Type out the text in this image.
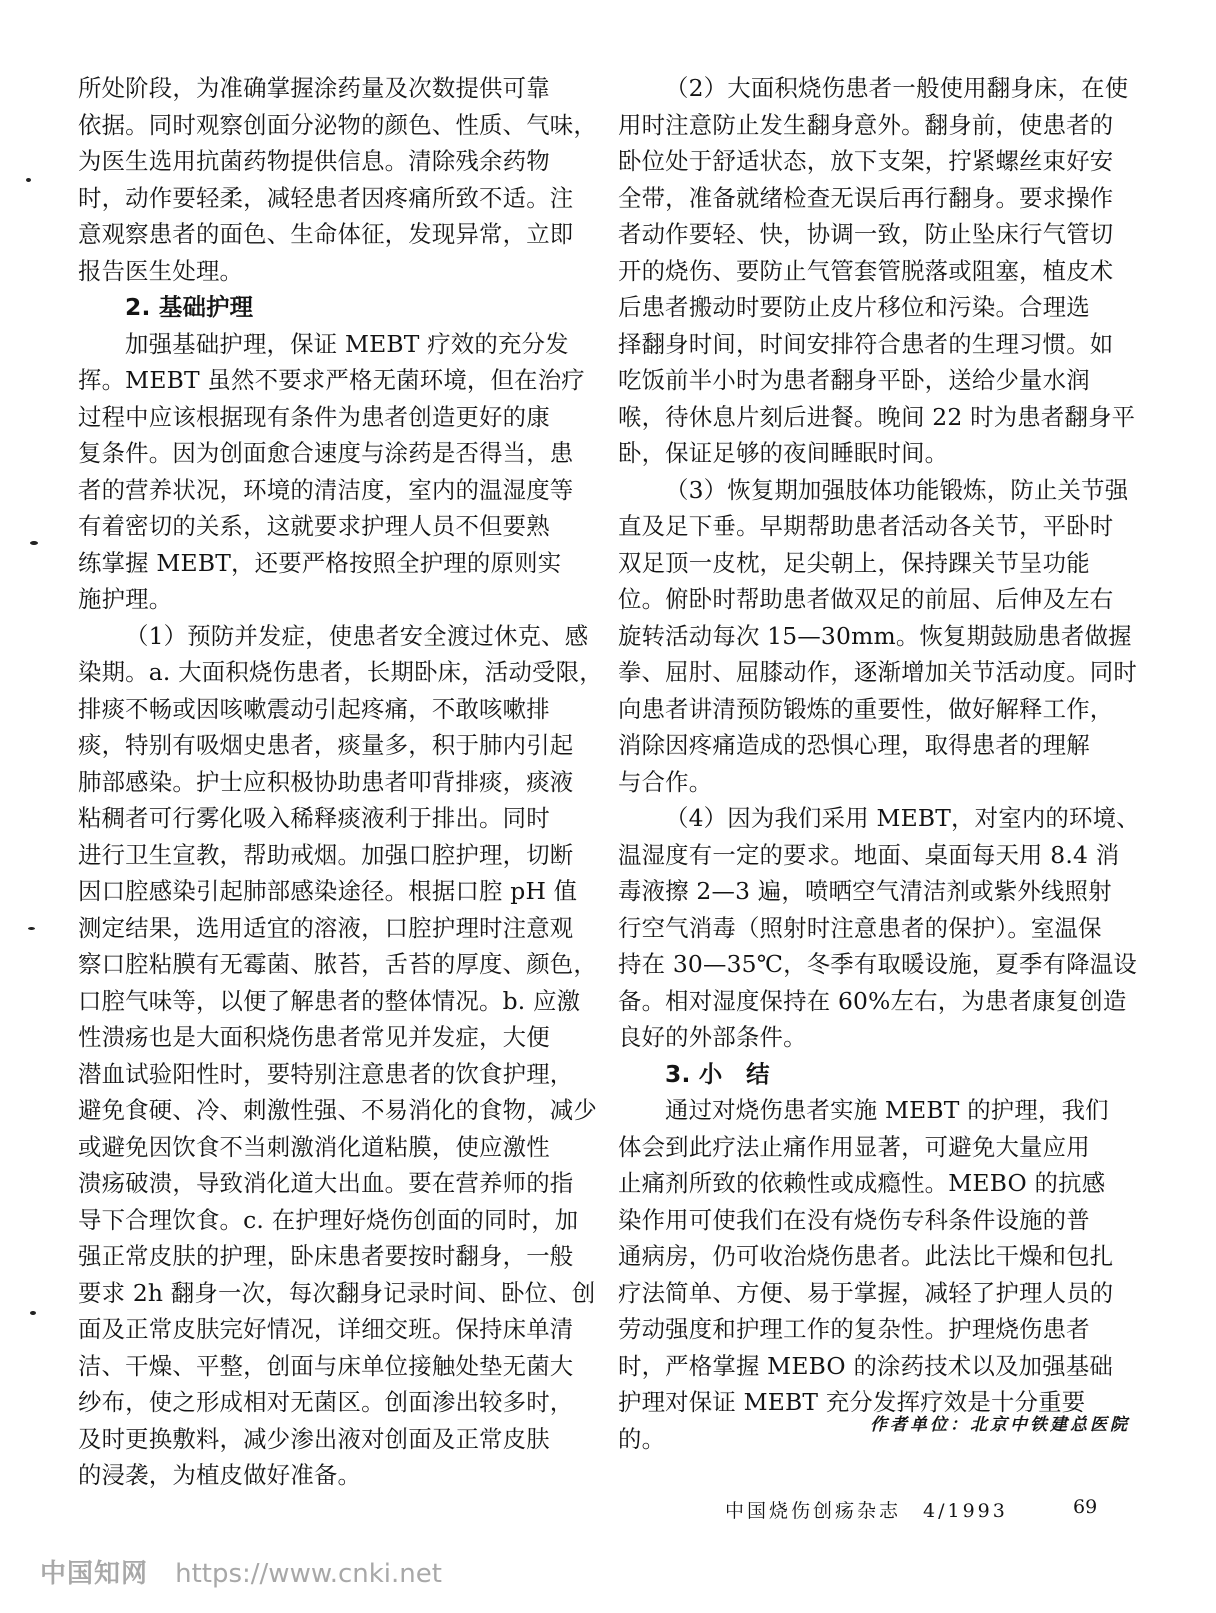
所处阶段，为准确掌握涂药量及次数提供可靠
依据。同时观察创面分泌物的颜色、性质、气味，
为医生选用抗菌药物提供信息。清除残余药物
时，动作要轻柔，减轻患者因疼痛所致不适。注
意观察患者的面色、生命体征，发现异常，立即
报告医生处理。
2. 基础护理
加强基础护理，保证 MEBT 疗效的充分发
挥。MEBT 虽然不要求严格无菌环境，但在治疗
过程中应该根据现有条件为患者创造更好的康
复条件。因为创面愈合速度与涂药是否得当，患
者的营养状况，环境的清洁度，室内的温湿度等
有着密切的关系，这就要求护理人员不但要熟
练掌握 MEBT，还要严格按照全护理的原则实
施护理。
（1）预防并发症，使患者安全渡过休克、感
染期。a. 大面积烧伤患者，长期卧床，活动受限，
排痰不畅或因咳嗽震动引起疼痛，不敢咳嗽排
痰，特别有吸烟史患者，痰量多，积于肺内引起
肺部感染。护士应积极协助患者叩背排痰，痰液
粘稠者可行雾化吸入稀释痰液利于排出。同时
进行卫生宣教，帮助戒烟。加强口腔护理，切断
因口腔感染引起肺部感染途径。根据口腔 pH 值
测定结果，选用适宜的溶液，口腔护理时注意观
察口腔粘膜有无霉菌、脓苔，舌苔的厚度、颜色，
口腔气味等，以便了解患者的整体情况。b. 应激
性溃疡也是大面积烧伤患者常见并发症，大便
潜血试验阳性时，要特别注意患者的饮食护理，
避免食硬、冷、刺激性强、不易消化的食物，减少
或避免因饮食不当刺激消化道粘膜，使应激性
溃疡破溃，导致消化道大出血。要在营养师的指
导下合理饮食。c. 在护理好烧伤创面的同时，加
强正常皮肤的护理，卧床患者要按时翻身，一般
要求 2h 翻身一次，每次翻身记录时间、卧位、创
面及正常皮肤完好情况，详细交班。保持床单清
洁、干燥、平整，创面与床单位接触处垫无菌大
纱布，使之形成相对无菌区。创面渗出较多时，
及时更换敷料，减少渗出液对创面及正常皮肤
的浸袭，为植皮做好准备。
（2）大面积烧伤患者一般使用翻身床，在使
用时注意防止发生翻身意外。翻身前，使患者的
卧位处于舒适状态，放下支架，拧紧螺丝束好安
全带，准备就绪检查无误后再行翻身。要求操作
者动作要轻、快，协调一致，防止坠床行气管切
开的烧伤、要防止气管套管脱落或阻塞，植皮术
后患者搬动时要防止皮片移位和污染。合理选
择翻身时间，时间安排符合患者的生理习惯。如
吃饭前半小时为患者翻身平卧，送给少量水润
喉，待休息片刻后进餐。晚间 22 时为患者翻身平
卧，保证足够的夜间睡眠时间。
（3）恢复期加强肢体功能锻炼，防止关节强
直及足下垂。早期帮助患者活动各关节，平卧时
双足顶一皮枕，足尖朝上，保持踝关节呈功能
位。俯卧时帮助患者做双足的前屈、后伸及左右
旋转活动每次 15—30mm。恢复期鼓励患者做握
拳、屈肘、屈膝动作，逐渐增加关节活动度。同时
向患者讲清预防锻炼的重要性，做好解释工作，
消除因疼痛造成的恐惧心理，取得患者的理解
与合作。
（4）因为我们采用 MEBT，对室内的环境、
温湿度有一定的要求。地面、桌面每天用 8.4 消
毒液擦 2—3 遍，喷晒空气清洁剂或紫外线照射
行空气消毒（照射时注意患者的保护）。室温保
持在 30—35℃，冬季有取暖设施，夏季有降温设
备。相对湿度保持在 60%左右，为患者康复创造
良好的外部条件。
3. 小　结
通过对烧伤患者实施 MEBT 的护理，我们
体会到此疗法止痛作用显著，可避免大量应用
止痛剂所致的依赖性或成瘾性。MEBO 的抗感
染作用可使我们在没有烧伤专科条件设施的普
通病房，仍可收治烧伤患者。此法比干燥和包扎
疗法简单、方便、易于掌握，减轻了护理人员的
劳动强度和护理工作的复杂性。护理烧伤患者
时，严格掌握 MEBO 的涂药技术以及加强基础
护理对保证 MEBT 充分发挥疗效是十分重要
的。	作者单位：北京中铁建总医院
中国烧伤创疡杂志　4/1993	69
中国知网 https://www.cnki.net
